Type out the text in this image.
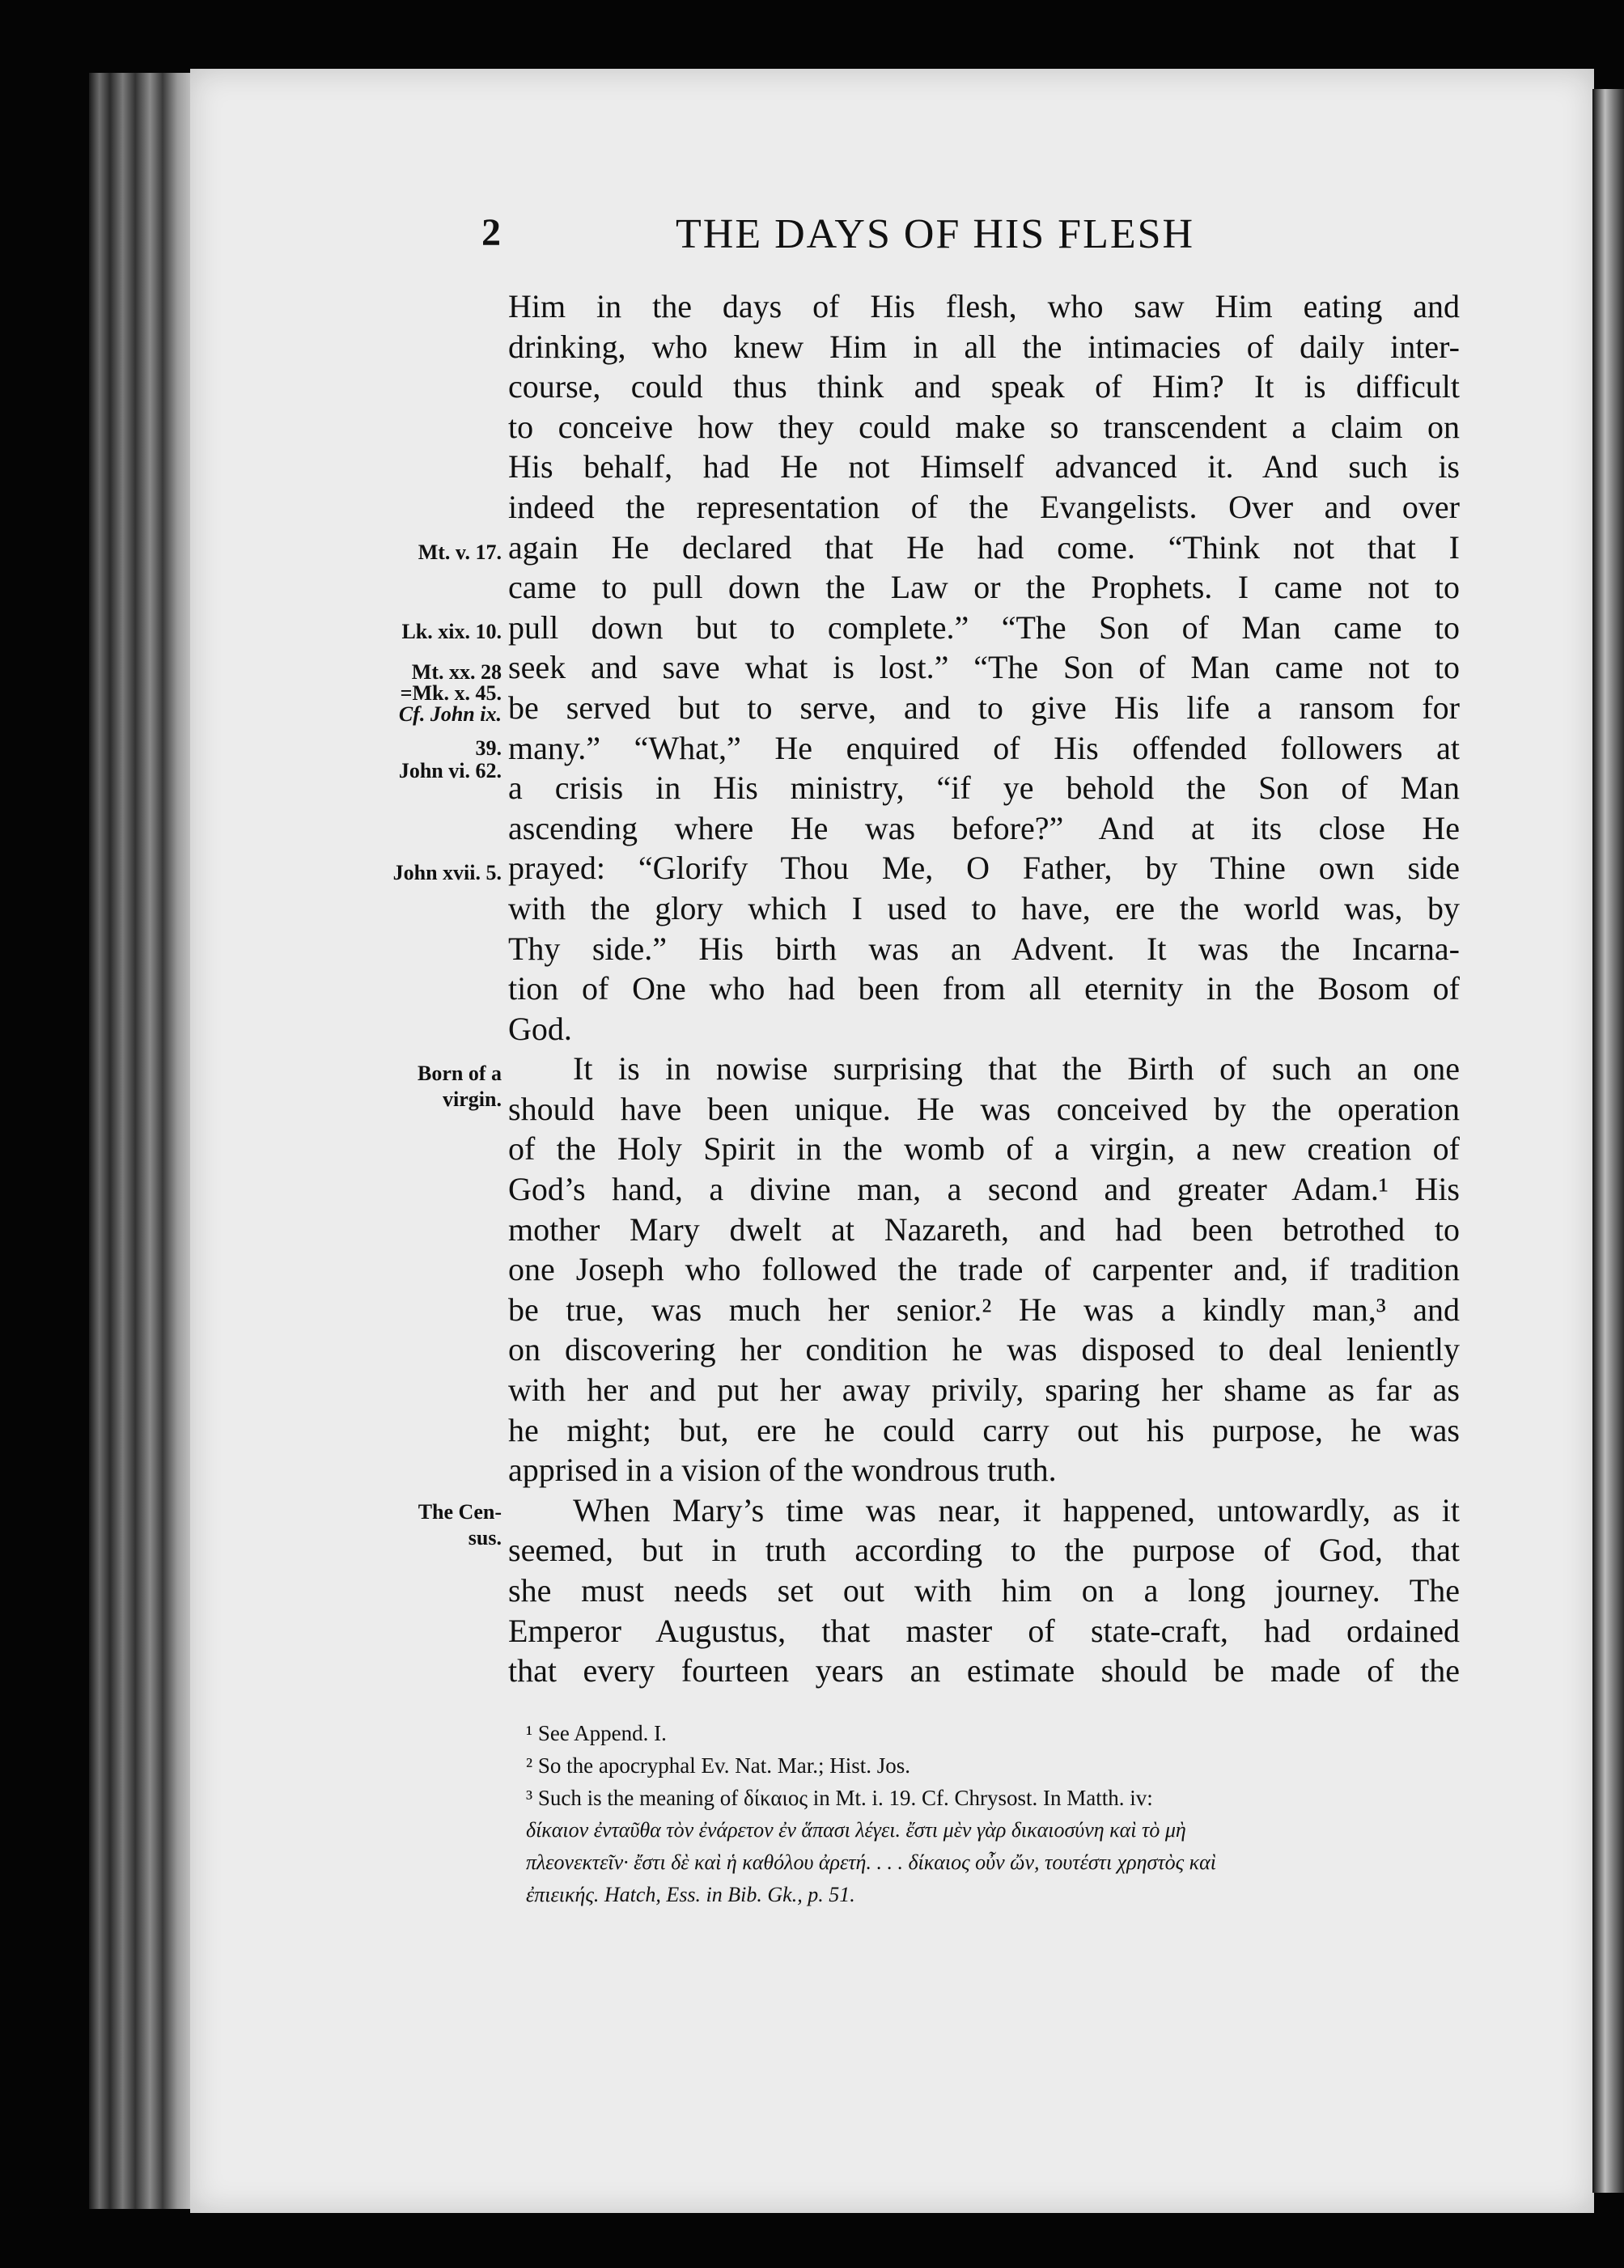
2	THE DAYS OF HIS FLESH
Mt. v. 17.
Lk. xix. 10.
Mt. xx. 28
=Mk. x. 45.
Cf. John ix.
39.
John vi. 62.
John xvii. 5.
Born of a
virgin.
The Cen-
sus.

Him in the days of His flesh, who saw Him eating and

drinking, who knew Him in all the intimacies of daily inter-

course, could thus think and speak of Him? It is difficult

to conceive how they could make so transcendent a claim on

His behalf, had He not Himself advanced it. And such is

indeed the representation of the Evangelists. Over and over

again He declared that He had come. “Think not that I

came to pull down the Law or the Prophets. I came not to

pull down but to complete.” “The Son of Man came to

seek and save what is lost.” “The Son of Man came not to

be served but to serve, and to give His life a ransom for

many.” “What,” He enquired of His offended followers at

a crisis in His ministry, “if ye behold the Son of Man

ascending where He was before?” And at its close He

prayed: “Glorify Thou Me, O Father, by Thine own side

with the glory which I used to have, ere the world was, by

Thy side.” His birth was an Advent. It was the Incarna-

tion of One who had been from all eternity in the Bosom of

God.

It is in nowise surprising that the Birth of such an one

should have been unique. He was conceived by the operation

of the Holy Spirit in the womb of a virgin, a new creation of

God’s hand, a divine man, a second and greater Adam.¹ His

mother Mary dwelt at Nazareth, and had been betrothed to

one Joseph who followed the trade of carpenter and, if tradition

be true, was much her senior.² He was a kindly man,³ and

on discovering her condition he was disposed to deal leniently

with her and put her away privily, sparing her shame as far as

he might; but, ere he could carry out his purpose, he was

apprised in a vision of the wondrous truth.

When Mary’s time was near, it happened, untowardly, as it

seemed, but in truth according to the purpose of God, that

she must needs set out with him on a long journey. The

Emperor Augustus, that master of state-craft, had ordained

that every fourteen years an estimate should be made of the

¹ See Append. I.
² So the apocryphal Ev. Nat. Mar.; Hist. Jos.
³ Such is the meaning of δίκαιος in Mt. i. 19. Cf. Chrysost. In Matth. iv:
δίκαιον ἐνταῦθα τὸν ἐνάρετον ἐν ἅπασι λέγει. ἔστι μὲν γὰρ δικαιοσύνη καὶ τὸ μὴ
πλεονεκτεῖν· ἔστι δὲ καὶ ἡ καθόλου ἀρετή. . . . δίκαιος οὖν ὤν, τουτέστι χρηστὸς καὶ
ἐπιεικής. Hatch, Ess. in Bib. Gk., p. 51.
